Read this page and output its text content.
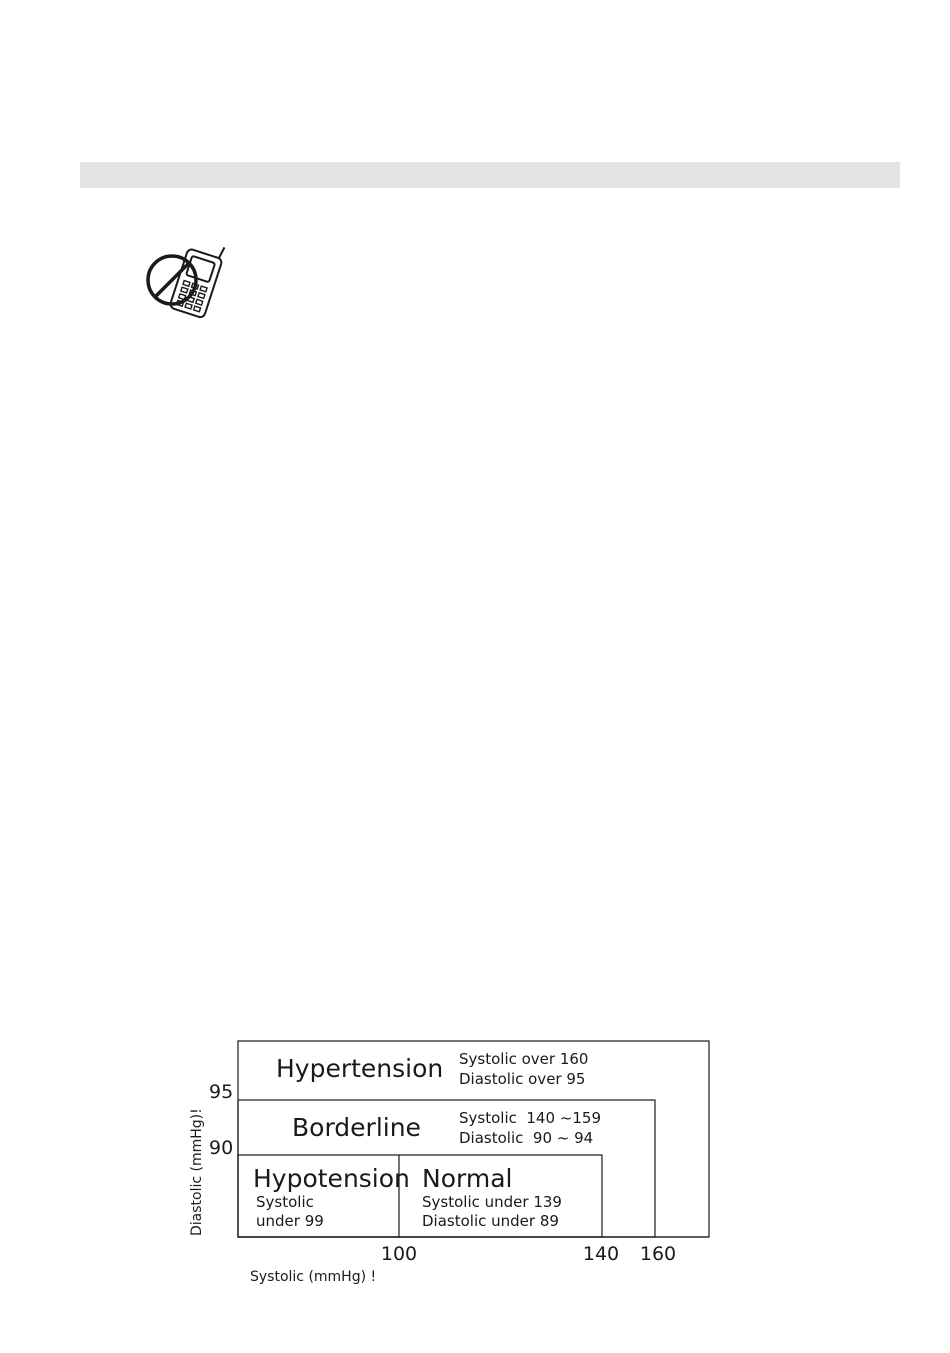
Hypertension Systolic over 160
Diastolic over 95
Borderline	Systolic  140 ~159
Diastolic  90 ~ 94
Hypotension
Systolic
under 99
Normal
Systolic under 139
Diastolic under 89
95
90
100	140 160
Systolic (mmHg) !
Diastolic (mmHg)!
